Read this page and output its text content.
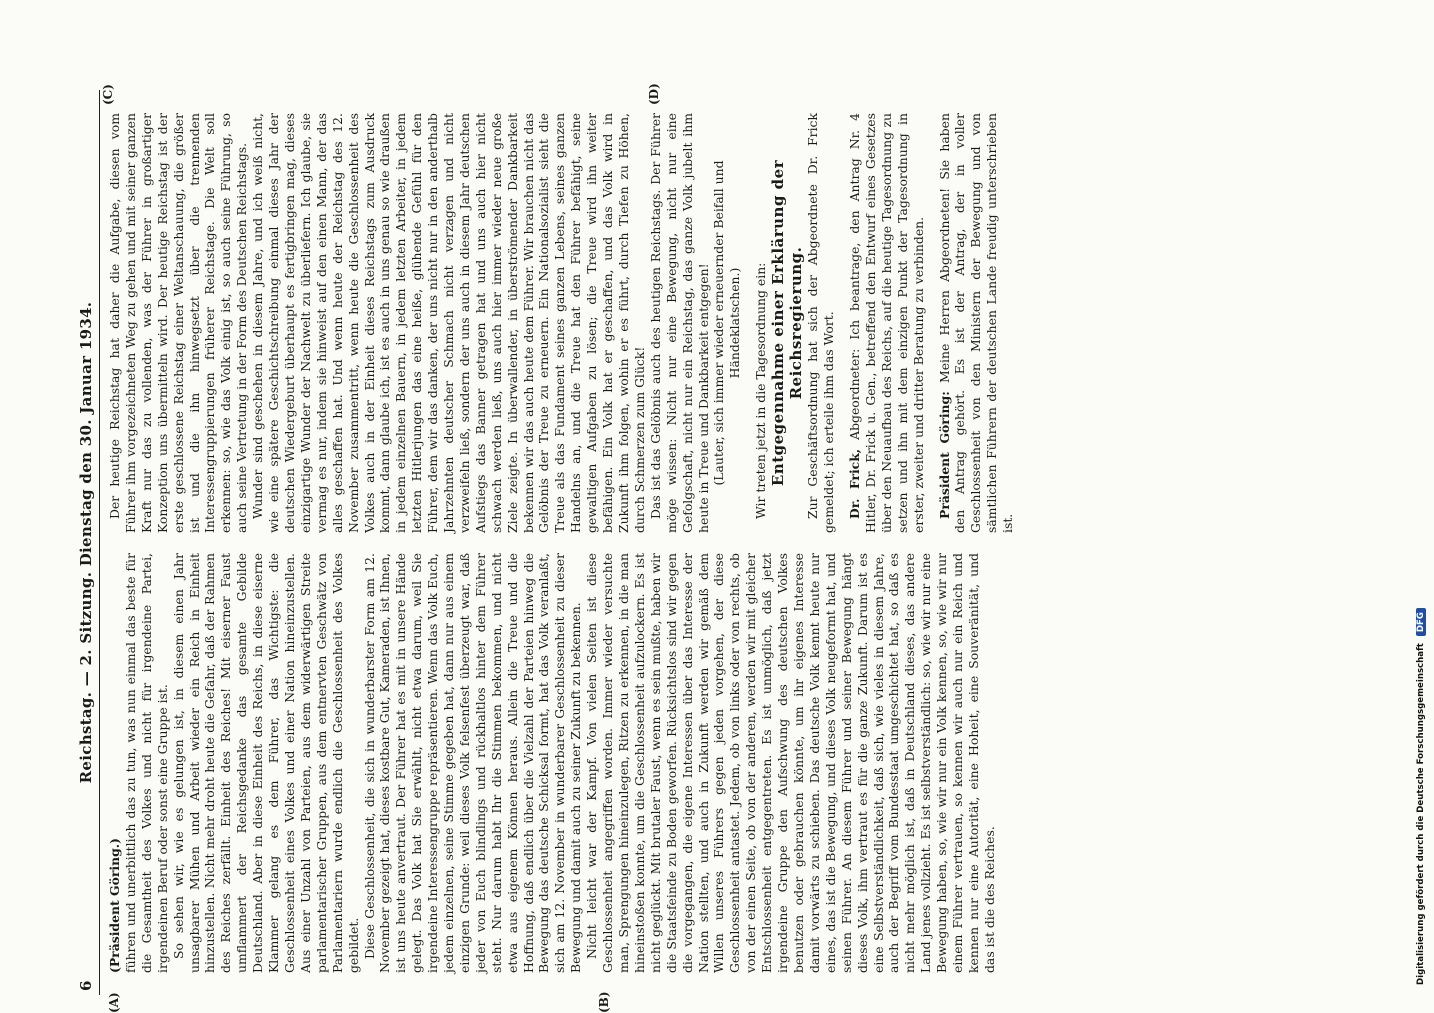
6
Reichstag. — 2. Sitzung. Dienstag den 30. Januar 1934.
(A)	(B)
(C)	(D)

(Präsident Göring.) führen und unerbittlich das zu tun, was nun einmal das beste für die Gesamtheit des Volkes und nicht für irgendeine Partei, irgendeinen Beruf oder sonst eine Gruppe ist. So sehen wir, wie es gelungen ist, in diesem einen Jahr unsagbarer Mühen und Arbeit wieder ein Reich in Einheit hinzustellen. Nicht mehr droht heute die Gefahr, daß der Rahmen des Reiches zerfällt. Einheit des Reiches! Mit eiserner Faust umflammert der Reichsgedanke das gesamte Gebilde Deutschland. Aber in diese Einheit des Reichs, in diese eiserne Klammer gelang es dem Führer, das Wichtigste: die Geschlossenheit eines Volkes und einer Nation hineinzustellen. Aus einer Unzahl von Parteien, aus dem widerwärtigen Streite parlamentarischer Gruppen, aus dem entnervten Geschwätz von Parlamentariern wurde endlich die Geschlossenheit des Volkes gebildet. Diese Geschlossenheit, die sich in wunderbarster Form am 12. November gezeigt hat, dieses kostbare Gut, Kameraden, ist Ihnen, ist uns heute anvertraut. Der Führer hat es mit in unsere Hände gelegt. Das Volk hat Sie erwählt, nicht etwa darum, weil Sie irgendeine Interessengruppe repräsentieren. Wenn das Volk Euch, jedem einzelnen, seine Stimme gegeben hat, dann nur aus einem einzigen Grunde: weil dieses Volk felsenfest überzeugt war, daß jeder von Euch blindlings und rückhaltlos hinter dem Führer steht. Nur darum habt Ihr die Stimmen bekommen, und nicht etwa aus eigenem Können heraus. Allein die Treue und die Hoffnung, daß endlich über die Vielzahl der Parteien hinweg die Bewegung das deutsche Schicksal formt, hat das Volk veranlaßt, sich am 12. November in wunderbarer Geschlossenheit zu dieser Bewegung und damit auch zu seiner Zukunft zu bekennen. Nicht leicht war der Kampf. Von vielen Seiten ist diese Geschlossenheit angegriffen worden. Immer wieder versuchte man, Sprengungen hineinzulegen, Ritzen zu erkennen, in die man hineinstoßen konnte, um die Geschlossenheit aufzulockern. Es ist nicht geglückt. Mit brutaler Faust, wenn es sein mußte, haben wir die Staatsfeinde zu Boden geworfen. Rücksichtslos sind wir gegen die vorgegangen, die eigene Interessen über das Interesse der Nation stellten, und auch in Zukunft werden wir gemäß dem Willen unseres Führers gegen jeden vorgehen, der diese Geschlossenheit antastet. Jedem, ob von links oder von rechts, ob von der einen Seite, ob von der anderen, werden wir mit gleicher Entschlossenheit entgegentreten. Es ist unmöglich, daß jetzt irgendeine Gruppe den Aufschwung des deutschen Volkes benutzen oder gebrauchen könnte, um ihr eigenes Interesse damit vorwärts zu schieben. Das deutsche Volk kennt heute nur eines, das ist die Bewegung, und dieses Volk neugeformt hat, und seinen Führer. An diesem Führer und seiner Bewegung hängt dieses Volk, ihm vertraut es für die ganze Zukunft. Darum ist es eine Selbstverständlichkeit, daß sich, wie vieles in diesem Jahre, auch der Begriff vom Bundesstaat umgeschichtet hat, so daß es nicht mehr möglich ist, daß in Deutschland dieses, das andere Land jenes vollzieht. Es ist selbstverständlich: so, wie wir nur eine Bewegung haben, so, wie wir nur ein Volk kennen, so, wie wir nur einem Führer vertrauen, so kennen wir auch nur ein Reich und kennen nur eine Autorität, eine Hoheit, eine Souveränität, und das ist die des Reiches.

Der heutige Reichstag hat daher die Aufgabe, diesen vom Führer ihm vorgezeichneten Weg zu gehen und mit seiner ganzen Kraft nur das zu vollenden, was der Führer in großartiger Konzeption uns übermitteln wird. Der heutige Reichstag ist der erste geschlossene Reichstag einer Weltanschauung, die größer ist und die ihn hinwegsetzt über die trennenden Interessengruppierungen früherer Reichstage. Die Welt soll erkennen: so, wie das Volk einig ist, so auch seine Führung, so auch seine Vertretung in der Form des Deutschen Reichstags. Wunder sind geschehen in diesem Jahre, und ich weiß nicht, wie eine spätere Geschichtschreibung einmal dieses Jahr der deutschen Wiedergeburt überhaupt es fertigbringen mag, dieses einzigartige Wunder der Nachwelt zu überliefern. Ich glaube, sie vermag es nur, indem sie hinweist auf den einen Mann, der das alles geschaffen hat. Und wenn heute der Reichstag des 12. November zusammentritt, wenn heute die Geschlossenheit des Volkes auch in der Einheit dieses Reichstags zum Ausdruck kommt, dann glaube ich, ist es auch in uns genau so wie draußen in jedem einzelnen Bauern, in jedem letzten Arbeiter, in jedem letzten Hitlerjungen das eine heiße, glühende Gefühl für den Führer, dem wir das danken, der uns nicht nur in den anderthalb Jahrzehnten deutscher Schmach nicht verzagen und nicht verzweifeln ließ, sondern der uns auch in diesem Jahr deutschen Aufstiegs das Banner getragen hat und uns auch hier nicht schwach werden ließ, uns auch hier immer wieder neue große Ziele zeigte. In überwallender, in überströmender Dankbarkeit bekennen wir das auch heute dem Führer. Wir brauchen nicht das Gelöbnis der Treue zu erneuern. Ein Nationalsozialist sieht die Treue als das Fundament seines ganzen Lebens, seines ganzen Handelns an, und die Treue hat den Führer befähigt, seine gewaltigen Aufgaben zu lösen; die Treue wird ihn weiter befähigen. Ein Volk hat er geschaffen, und das Volk wird in Zukunft ihm folgen, wohin er es führt, durch Tiefen zu Höhen, durch Schmerzen zum Glück! Das ist das Gelöbnis auch des heutigen Reichstags. Der Führer möge wissen: Nicht nur eine Bewegung, nicht nur eine Gefolgschaft, nicht nur ein Reichstag, das ganze Volk jubelt ihm heute in Treue und Dankbarkeit entgegen! (Lauter, sich immer wieder erneuernder Beifall und Händeklatschen.) Wir treten jetzt in die Tagesordnung ein: Entgegennahme einer Erklärung der Reichsregierung. Zur Geschäftsordnung hat sich der Abgeordnete Dr. Frick gemeldet; ich erteile ihm das Wort. Dr. Frick, Abgeordneter: Ich beantrage, den Antrag Nr. 4 Hitler, Dr. Frick u. Gen., betreffend den Entwurf eines Gesetzes über den Neuaufbau des Reichs, auf die heutige Tagesordnung zu setzen und ihn mit dem einzigen Punkt der Tagesordnung in erster, zweiter und dritter Beratung zu verbinden. Präsident Göring: Meine Herren Abgeordneten! Sie haben den Antrag gehört. Es ist der Antrag, der in voller Geschlossenheit von den Ministern der Bewegung und von sämtlichen Führern der deutschen Lande freudig unterschrieben ist.

Digitalisierung gefördert durch die Deutsche Forschungsgemeinschaft DFG
